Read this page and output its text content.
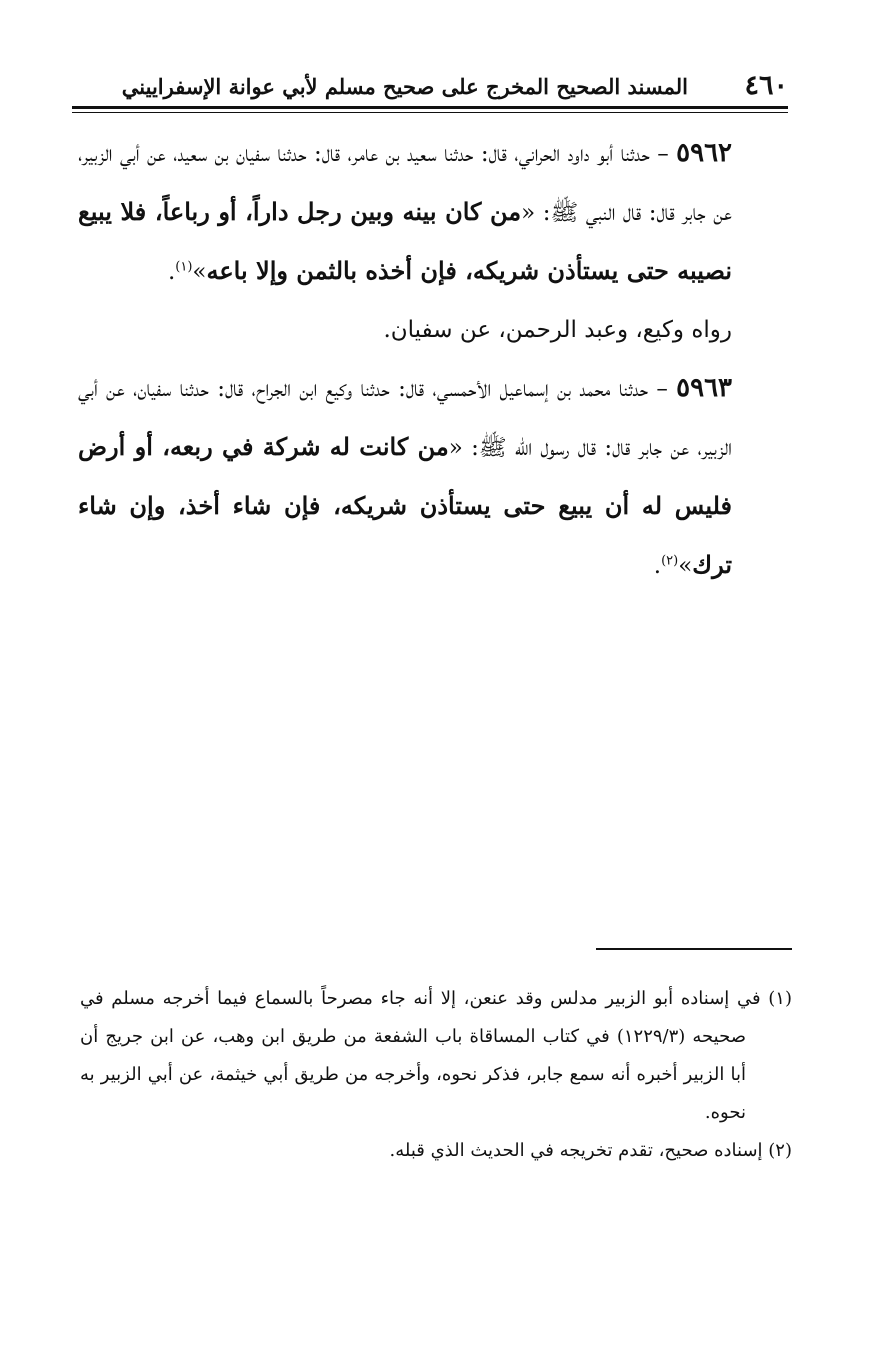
٤٦٠
المسند الصحيح المخرج على صحيح مسلم لأبي عوانة الإسفراييني

٥٩٦٢ – حدثنا أبو داود الحراني، قال: حدثنا سعيد بن عامر، قال: حدثنا سفيان بن سعيد، عن أبي الزبير، عن جابر قال: قال النبي ﷺ: «من كان بينه وبين رجل داراً، أو رباعاً، فلا يبيع نصيبه حتى يستأذن شريكه، فإن أخذه بالثمن وإلا باعه»$^{(١)}$.

رواه وكيع، وعبد الرحمن، عن سفيان.

٥٩٦٣ – حدثنا محمد بن إسماعيل الأحمسي، قال: حدثنا وكيع ابن الجراح، قال: حدثنا سفيان، عن أبي الزبير، عن جابر قال: قال رسول الله ﷺ: «من كانت له شركة في ربعه، أو أرض فليس له أن يبيع حتى يستأذن شريكه، فإن شاء أخذ، وإن شاء ترك»$^{(٢)}$.

(١) في إسناده أبو الزبير مدلس وقد عنعن، إلا أنه جاء مصرحاً بالسماع فيما أخرجه مسلم في صحيحه (١٢٢٩/٣) في كتاب المساقاة باب الشفعة من طريق ابن وهب، عن ابن جريج أن أبا الزبير أخبره أنه سمع جابر، فذكر نحوه، وأخرجه من طريق أبي خيثمة، عن أبي الزبير به نحوه.

(٢) إسناده صحيح، تقدم تخريجه في الحديث الذي قبله.
